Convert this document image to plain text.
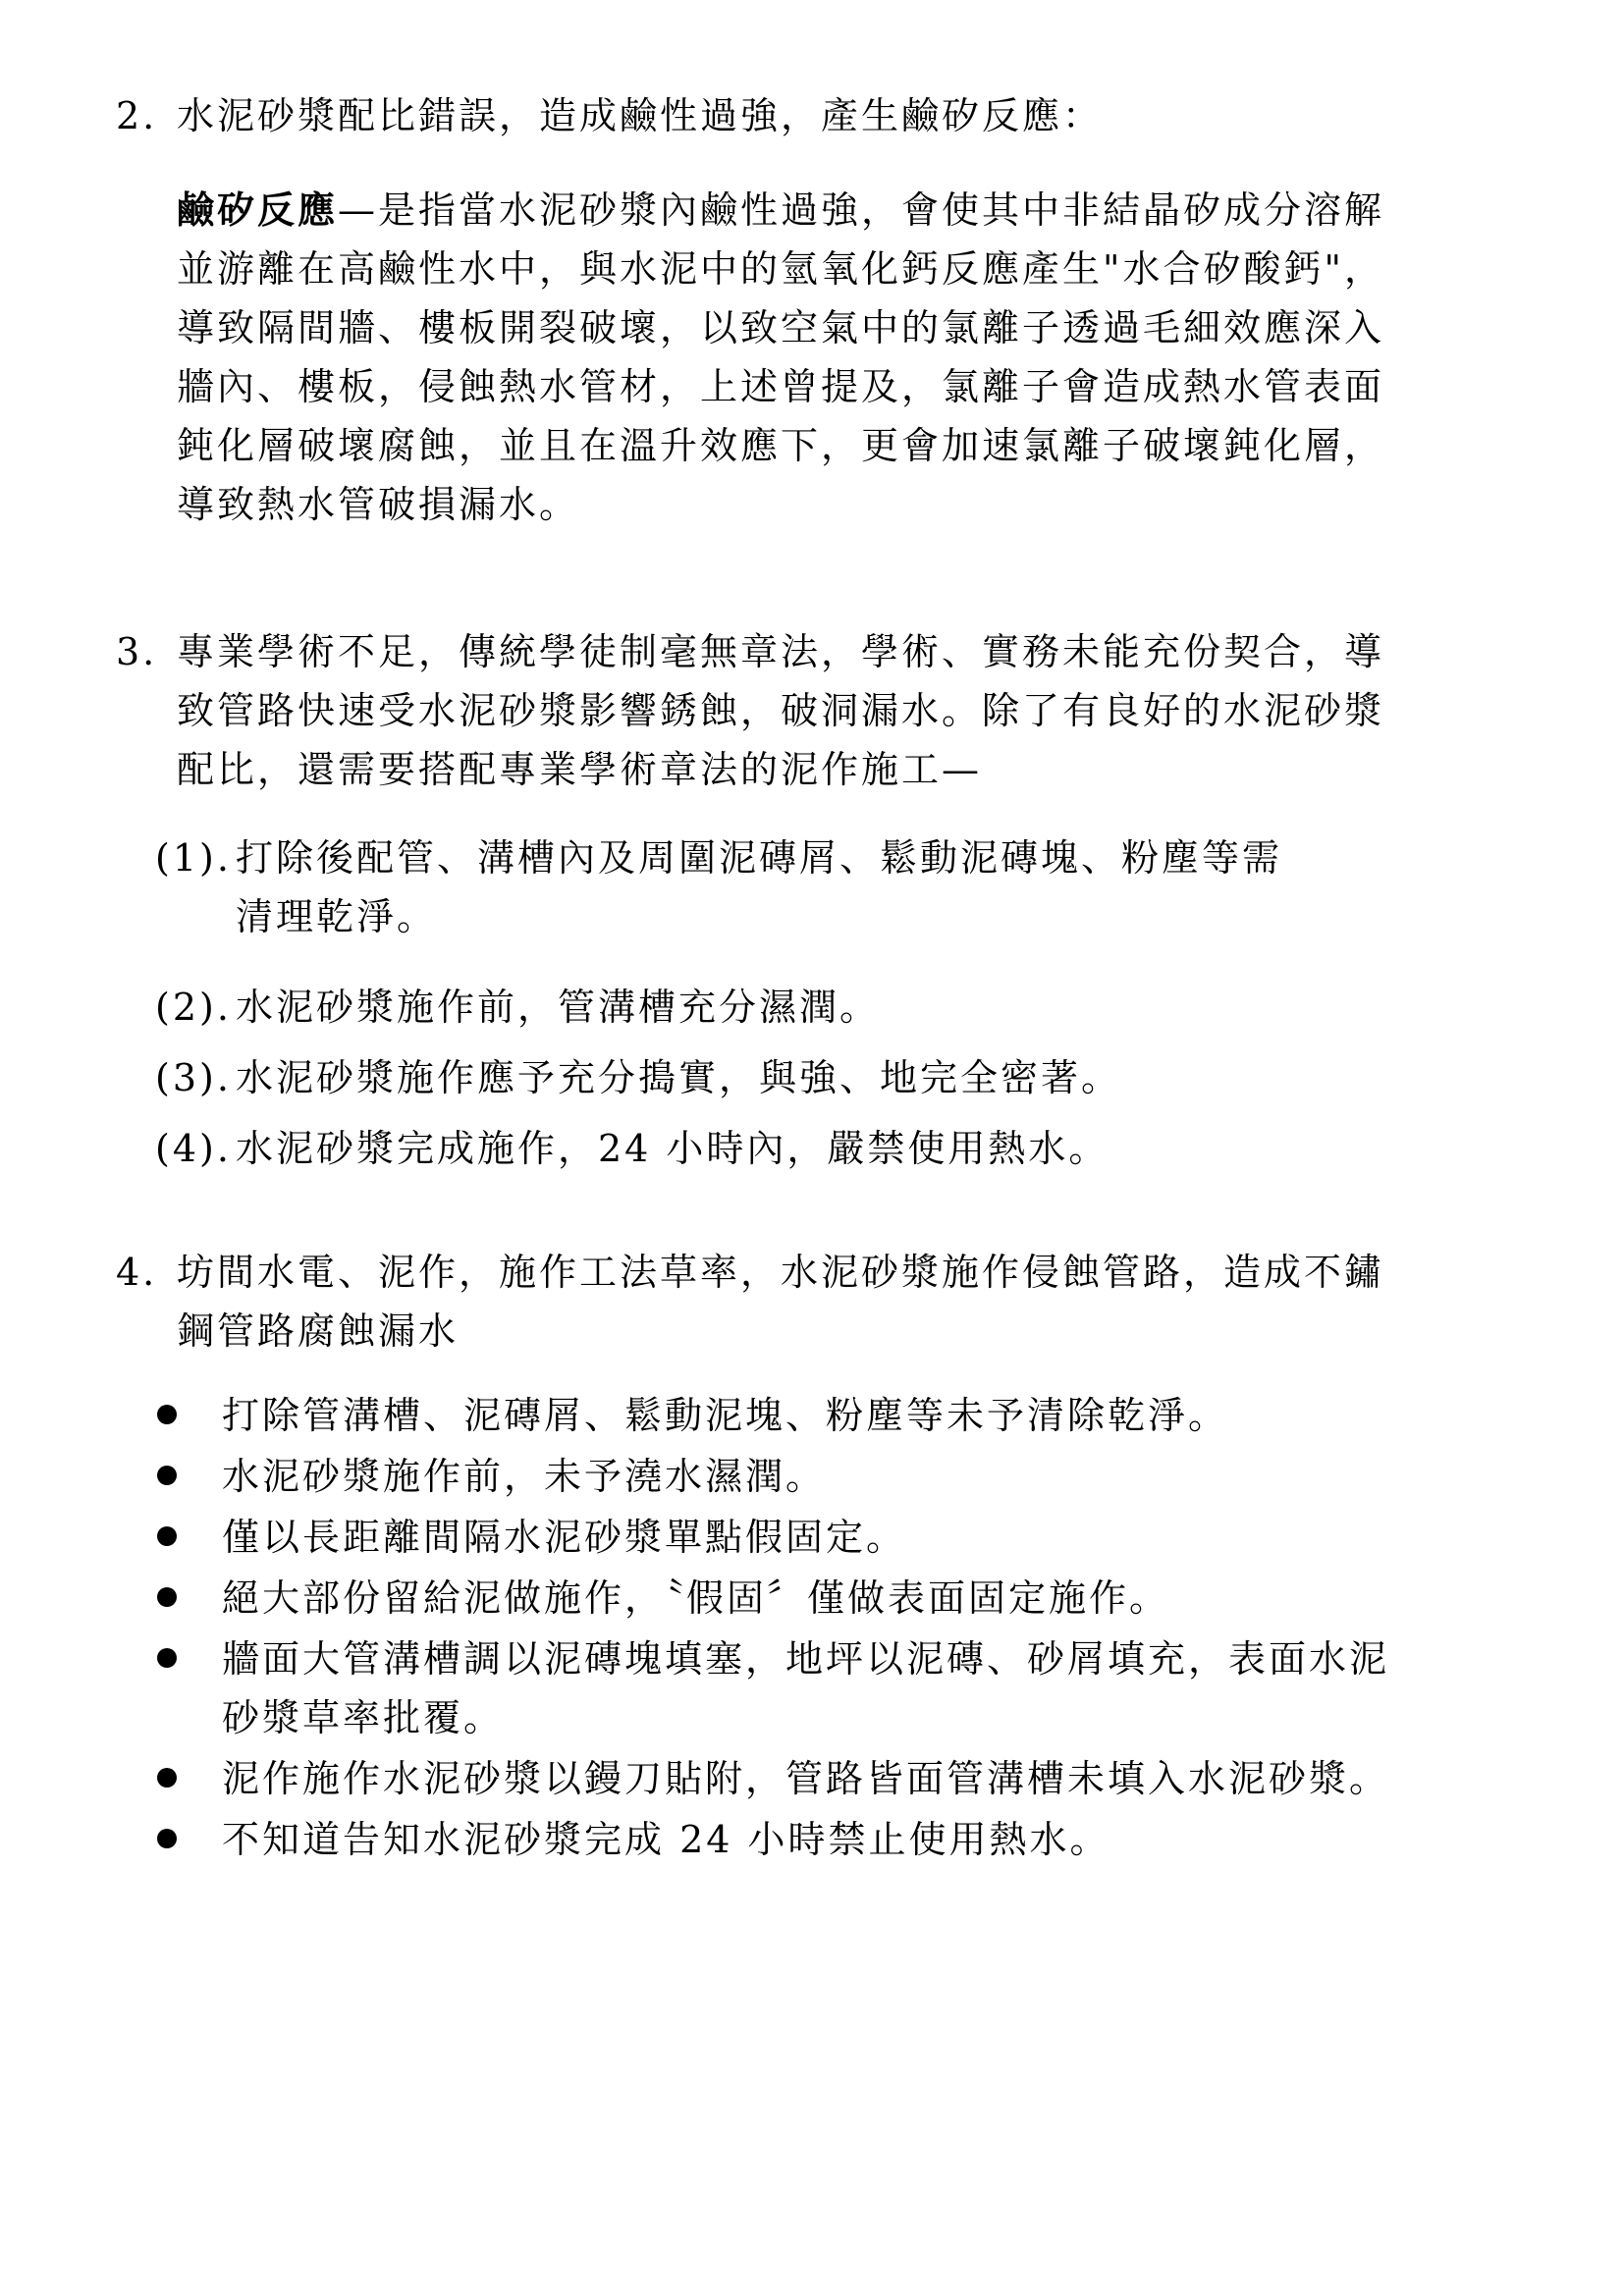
2. 水泥砂漿配比錯誤，造成鹼性過強，產生鹼矽反應：
鹼矽反應—是指當水泥砂漿內鹼性過強，會使其中非結晶矽成分溶解
並游離在高鹼性水中，與水泥中的氫氧化鈣反應產生"水合矽酸鈣"，
導致隔間牆、樓板開裂破壞，以致空氣中的氯離子透過毛細效應深入
牆內、樓板，侵蝕熱水管材，上述曾提及，氯離子會造成熱水管表面
鈍化層破壞腐蝕，並且在溫升效應下，更會加速氯離子破壞鈍化層，
導致熱水管破損漏水。
3. 專業學術不足，傳統學徒制毫無章法，學術、實務未能充份契合，導
致管路快速受水泥砂漿影響銹蝕，破洞漏水。除了有良好的水泥砂漿
配比，還需要搭配專業學術章法的泥作施工—
(1). 打除後配管、溝槽內及周圍泥磚屑、鬆動泥磚塊、粉塵等需
清理乾淨。
(2). 水泥砂漿施作前，管溝槽充分濕潤。
(3). 水泥砂漿施作應予充分搗實，與強、地完全密著。
(4). 水泥砂漿完成施作，24 小時內，嚴禁使用熱水。
4. 坊間水電、泥作，施作工法草率，水泥砂漿施作侵蝕管路，造成不鏽
鋼管路腐蝕漏水
打除管溝槽、泥磚屑、鬆動泥塊、粉塵等未予清除乾淨。
水泥砂漿施作前，未予澆水濕潤。
僅以長距離間隔水泥砂漿單點假固定。
絕大部份留給泥做施作，〝假固〞僅做表面固定施作。
牆面大管溝槽調以泥磚塊填塞，地坪以泥磚、砂屑填充，表面水泥
砂漿草率批覆。
泥作施作水泥砂漿以鏝刀貼附，管路皆面管溝槽未填入水泥砂漿。
不知道告知水泥砂漿完成 24 小時禁止使用熱水。
